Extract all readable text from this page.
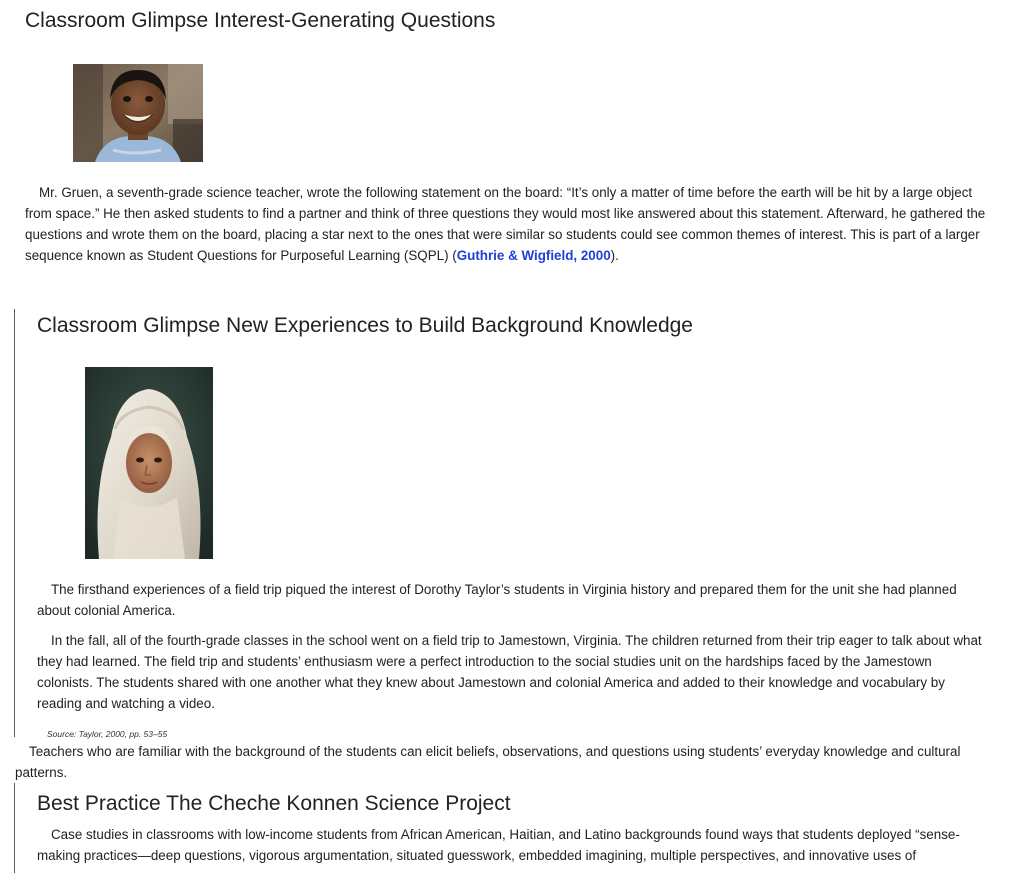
Classroom Glimpse Interest-Generating Questions

Mr. Gruen, a seventh-grade science teacher, wrote the following statement on the board: “It’s only a matter of time before the earth will be hit by a large object from space.” He then asked students to find a partner and think of three questions they would most like answered about this statement. Afterward, he gathered the questions and wrote them on the board, placing a star next to the ones that were similar so students could see common themes of interest. This is part of a larger sequence known as Student Questions for Purposeful Learning (SQPL) (Guthrie & Wigfield, 2000).

Classroom Glimpse New Experiences to Build Background Knowledge

The firsthand experiences of a field trip piqued the interest of Dorothy Taylor’s students in Virginia history and prepared them for the unit she had planned about colonial America.

In the fall, all of the fourth-grade classes in the school went on a field trip to Jamestown, Virginia. The children returned from their trip eager to talk about what they had learned. The field trip and students’ enthusiasm were a perfect introduction to the social studies unit on the hardships faced by the Jamestown colonists. The students shared with one another what they knew about Jamestown and colonial America and added to their knowledge and vocabulary by reading and watching a video.

Source: Taylor, 2000, pp. 53–55

Teachers who are familiar with the background of the students can elicit beliefs, observations, and questions using students’ everyday knowledge and cultural patterns.

Best Practice The Cheche Konnen Science Project

Case studies in classrooms with low-income students from African American, Haitian, and Latino backgrounds found ways that students deployed “sense-making practices—deep questions, vigorous argumentation, situated guesswork, embedded imagining, multiple perspectives, and innovative uses of
